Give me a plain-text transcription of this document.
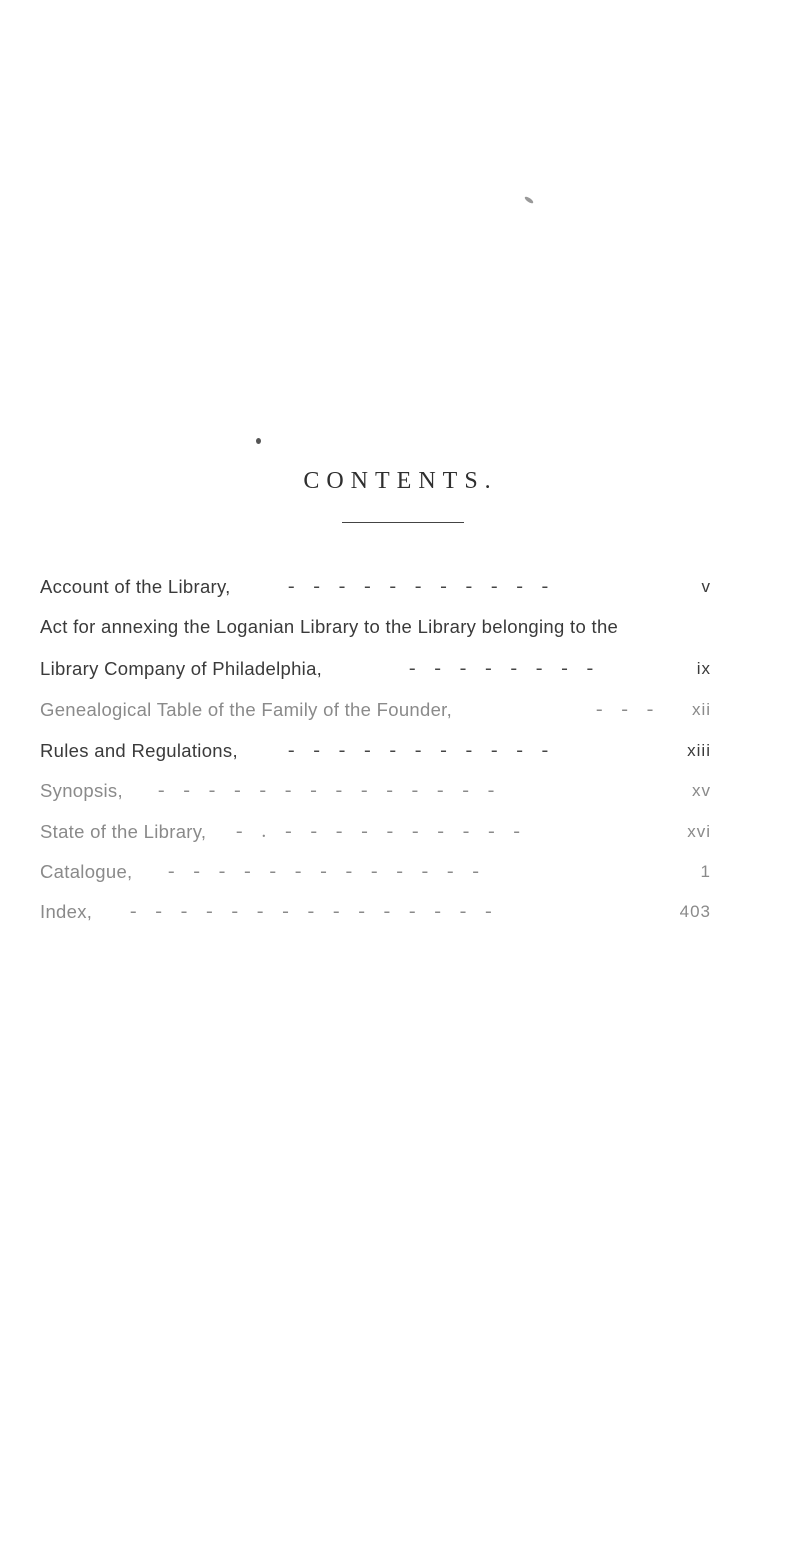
CONTENTS.
Account of the Library,	- - - - - - - - - - -	v
Act for annexing the Loganian Library to the Library belonging to the
Library Company of Philadelphia,	- - - - - - - -	ix
Genealogical Table of the Family of the Founder,	- - - xii
Rules and Regulations,	- - - - - - - - - - -	xiii
Synopsis, - - - - - - - - - - - - - -	xv
State of the Library, - . - - - - - - - - - -	xvi
Catalogue, - - - - - - - - - - - - -	1
Index, - - - - - - - - - - - - - - -	403
